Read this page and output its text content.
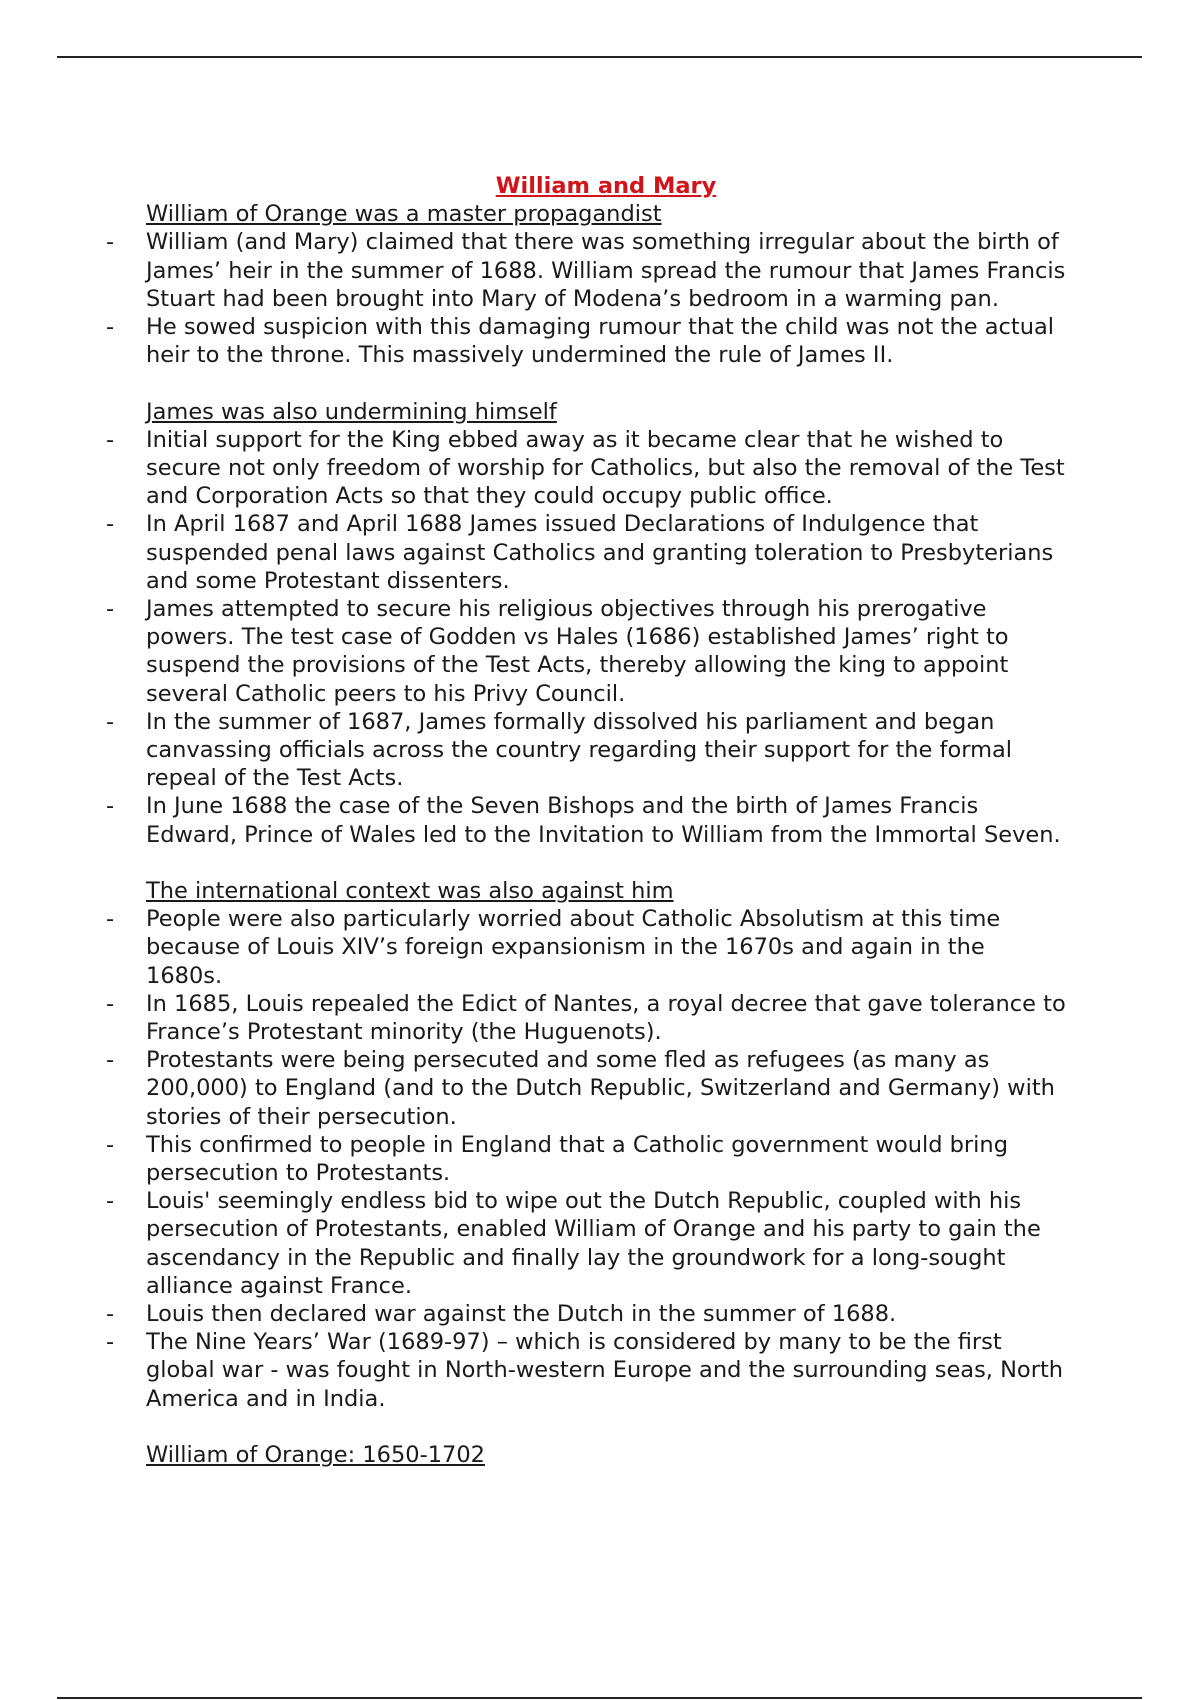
William and Mary
William of Orange was a master propagandist
- William (and Mary) claimed that there was something irregular about the birth of James’ heir in the summer of 1688. William spread the rumour that James Francis Stuart had been brought into Mary of Modena’s bedroom in a warming pan.
- He sowed suspicion with this damaging rumour that the child was not the actual heir to the throne. This massively undermined the rule of James II.
James was also undermining himself
- Initial support for the King ebbed away as it became clear that he wished to secure not only freedom of worship for Catholics, but also the removal of the Test and Corporation Acts so that they could occupy public office.
- In April 1687 and April 1688 James issued Declarations of Indulgence that suspended penal laws against Catholics and granting toleration to Presbyterians and some Protestant dissenters.
- James attempted to secure his religious objectives through his prerogative powers. The test case of Godden vs Hales (1686) established James’ right to suspend the provisions of the Test Acts, thereby allowing the king to appoint several Catholic peers to his Privy Council.
- In the summer of 1687, James formally dissolved his parliament and began canvassing officials across the country regarding their support for the formal repeal of the Test Acts.
- In June 1688 the case of the Seven Bishops and the birth of James Francis Edward, Prince of Wales led to the Invitation to William from the Immortal Seven.
The international context was also against him
- People were also particularly worried about Catholic Absolutism at this time because of Louis XIV’s foreign expansionism in the 1670s and again in the 1680s.
- In 1685, Louis repealed the Edict of Nantes, a royal decree that gave tolerance to France’s Protestant minority (the Huguenots).
- Protestants were being persecuted and some fled as refugees (as many as 200,000) to England (and to the Dutch Republic, Switzerland and Germany) with stories of their persecution.
- This confirmed to people in England that a Catholic government would bring persecution to Protestants.
- Louis' seemingly endless bid to wipe out the Dutch Republic, coupled with his persecution of Protestants, enabled William of Orange and his party to gain the ascendancy in the Republic and finally lay the groundwork for a long-sought alliance against France.
- Louis then declared war against the Dutch in the summer of 1688.
- The Nine Years’ War (1689-97) – which is considered by many to be the first global war - was fought in North-western Europe and the surrounding seas, North America and in India.
William of Orange: 1650-1702
